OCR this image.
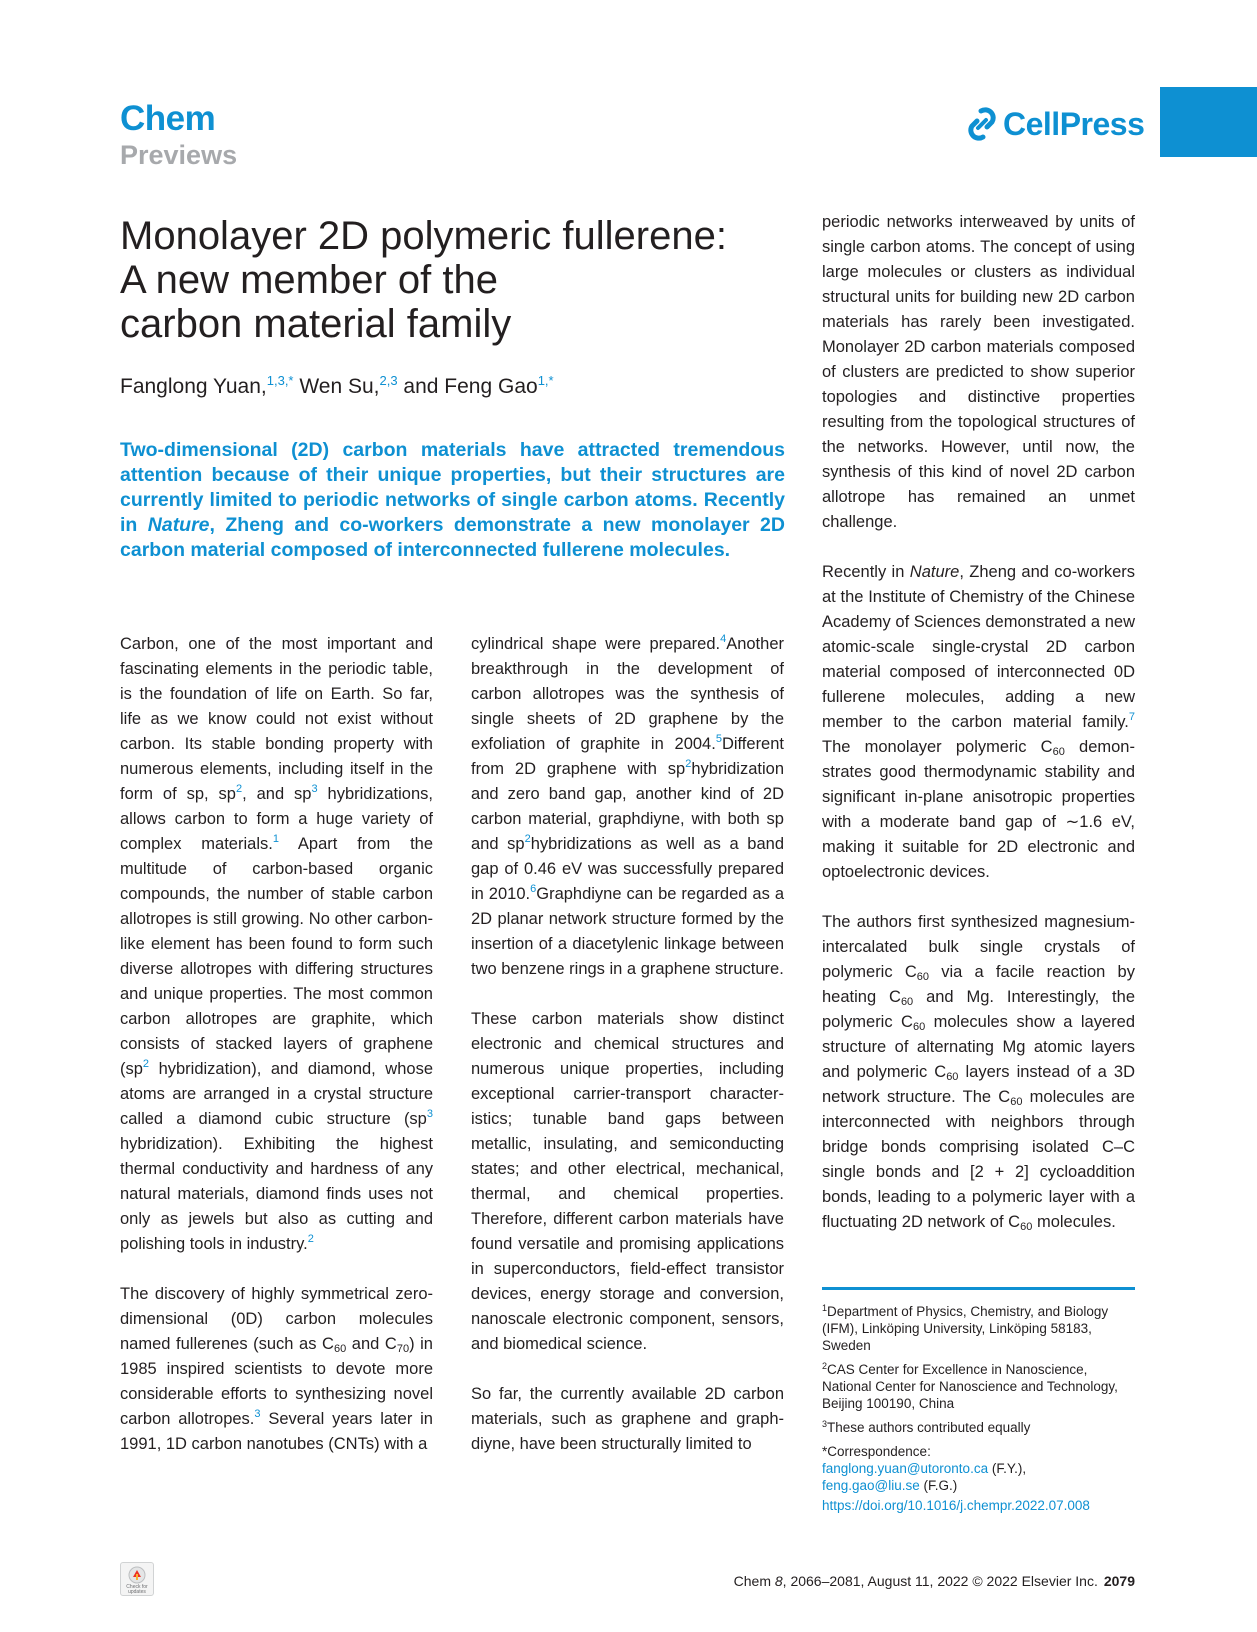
Chem
Previews
CellPress
Monolayer 2D polymeric fullerene:
A new member of the
carbon material family
Fanglong Yuan,$^{1,3,*}$ Wen Su,$^{2,3}$ and Feng Gao$^{1,*}$

Two-dimensional (2D) carbon materials have attracted tremendous attention because of their unique properties, but their structures are currently limited to periodic networks of single carbon atoms. Recently in Nature, Zheng and co-workers demonstrate a new monolayer 2D carbon material composed of interconnected fullerene molecules.

Carbon, one of the most important and fascinating elements in the periodic table, is the foundation of life on Earth. So far, life as we know could not exist without carbon. Its stable bonding property with numerous elements, including itself in the form of sp, $sp^2$, and $sp^3$ hybridizations, allows carbon to form a huge variety of complex materials.$^1$ Apart from the multitude of carbon-based organic compounds, the number of stable carbon allotropes is still growing. No other carbon-like element has been found to form such diverse allotropes with differing structures and unique properties. The most common carbon allotropes are graphite, which consists of stacked layers of graphene ($sp^2$ hybridization), and diamond, whose atoms are arranged in a crystal structure called a diamond cubic structure ($sp^3$ hybridization). Exhibiting the highest thermal conductivity and hardness of any natural materials, diamond finds uses not only as jewels but also as cutting and polishing tools in industry.$^2$

The discovery of highly symmetrical zero-dimensional (0D) carbon molecules named fullerenes (such as $C_{60}$ and $C_{70}$) in 1985 inspired scientists to devote more considerable efforts to synthesizing novel carbon allotropes.$^3$ Several years later in 1991, 1D carbon nanotubes (CNTs) with a

cylindrical shape were prepared.$^4$Another breakthrough in the development of carbon allotropes was the synthesis of single sheets of 2D graphene by the exfoliation of graphite in 2004.$^5$Different from 2D graphene with $sp^2hybridization$ and zero band gap, another kind of 2D carbon material, graphdiyne, with both sp and $sp^2hybridizations$ as well as a band gap of 0.46 eV was successfully prepared in 2010.$^6$Graphdiyne can be regarded as a 2D planar network structure formed by the insertion of a diacetylenic linkage between two benzene rings in a graphene structure.

These carbon materials show distinct electronic and chemical structures and numerous unique properties, including exceptional carrier-transport characteristics; tunable band gaps between metallic, insulating, and semiconducting states; and other electrical, mechanical, thermal, and chemical properties. Therefore, different carbon materials have found versatile and promising applications in superconductors, field-effect transistor devices, energy storage and conversion, nanoscale electronic component, sensors, and biomedical science.

So far, the currently available 2D carbon materials, such as graphene and graphdiyne, have been structurally limited to

periodic networks interweaved by units of single carbon atoms. The concept of using large molecules or clusters as individual structural units for building new 2D carbon materials has rarely been investigated. Monolayer 2D carbon materials composed of clusters are predicted to show superior topologies and distinctive properties resulting from the topological structures of the networks. However, until now, the synthesis of this kind of novel 2D carbon allotrope has remained an unmet challenge.

Recently in Nature, Zheng and co-workers at the Institute of Chemistry of the Chinese Academy of Sciences demonstrated a new atomic-scale single-crystal 2D carbon material composed of interconnected 0D fullerene molecules, adding a new member to the carbon material family.$^7$ The monolayer polymeric $C_{60}$ demonstrates good thermodynamic stability and significant in-plane anisotropic properties with a moderate band gap of ∼1.6 eV, making it suitable for 2D electronic and optoelectronic devices.

The authors first synthesized magnesium-intercalated bulk single crystals of polymeric $C_{60}$ via a facile reaction by heating $C_{60}$ and Mg. Interestingly, the polymeric $C_{60}$ molecules show a layered structure of alternating Mg atomic layers and polymeric $C_{60}$ layers instead of a 3D network structure. The $C_{60}$ molecules are interconnected with neighbors through bridge bonds comprising isolated C–C single bonds and [2 + 2] cycloaddition bonds, leading to a polymeric layer with a fluctuating 2D network of $C_{60}$ molecules.

$^1$Department of Physics, Chemistry, and Biology (IFM), Linköping University, Linköping 58183, Sweden

$^2$CAS Center for Excellence in Nanoscience, National Center for Nanoscience and Technology, Beijing 100190, China

$^3$These authors contributed equally

*Correspondence:
fanglong.yuan@utoronto.ca (F.Y.),
feng.gao@liu.se (F.G.)

https://doi.org/10.1016/j.chempr.2022.07.008

Check for updates
Chem 8, 2066–2081, August 11, 2022 © 2022 Elsevier Inc. 2079
